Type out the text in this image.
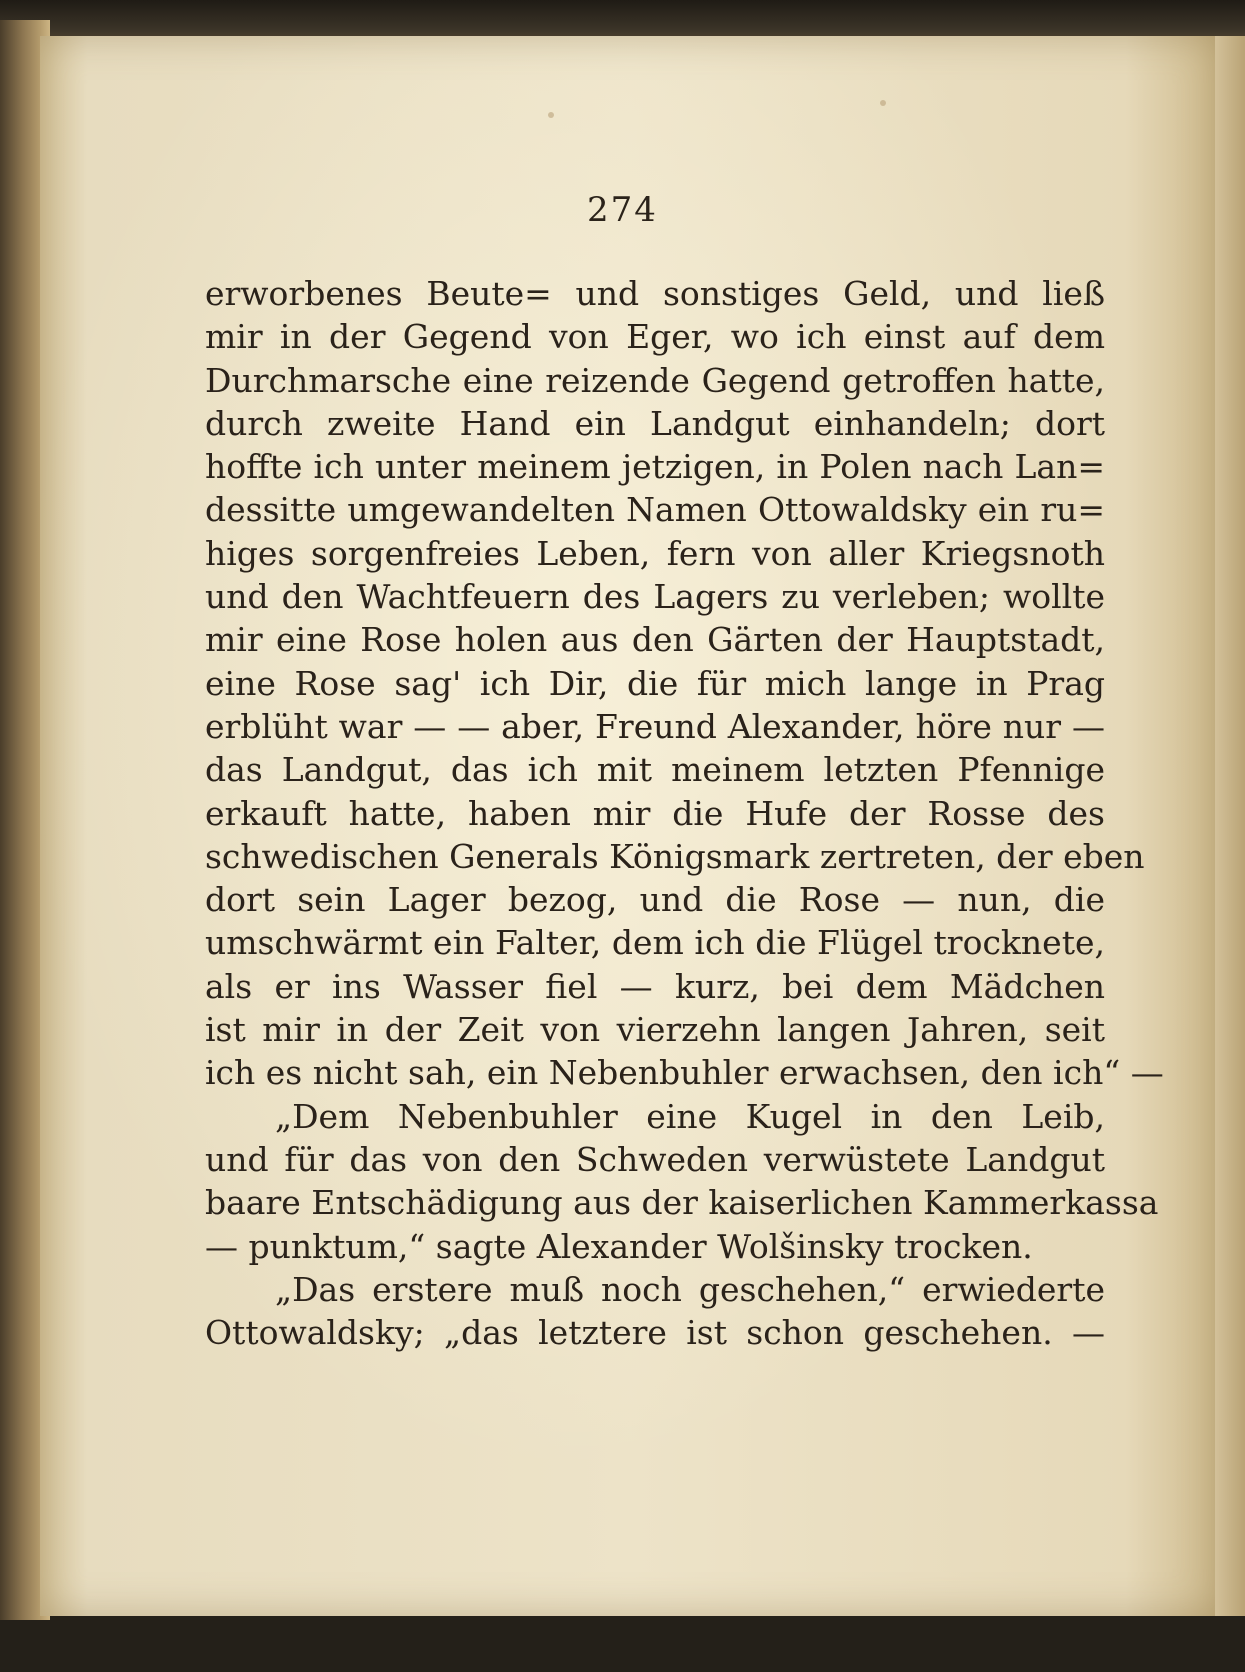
274
erworbenes Beute= und sonstiges Geld, und ließ
mir in der Gegend von Eger, wo ich einst auf dem
Durchmarsche eine reizende Gegend getroffen hatte,
durch zweite Hand ein Landgut einhandeln; dort
hoffte ich unter meinem jetzigen, in Polen nach Lan=
dessitte umgewandelten Namen Ottowaldsky ein ru=
higes sorgenfreies Leben, fern von aller Kriegsnoth
und den Wachtfeuern des Lagers zu verleben; wollte
mir eine Rose holen aus den Gärten der Hauptstadt,
eine Rose sag' ich Dir, die für mich lange in Prag
erblüht war — — aber, Freund Alexander, höre nur —
das Landgut, das ich mit meinem letzten Pfennige
erkauft hatte, haben mir die Hufe der Rosse des
schwedischen Generals Königsmark zertreten, der eben
dort sein Lager bezog, und die Rose — nun, die
umschwärmt ein Falter, dem ich die Flügel trocknete,
als er ins Wasser fiel — kurz, bei dem Mädchen
ist mir in der Zeit von vierzehn langen Jahren, seit
ich es nicht sah, ein Nebenbuhler erwachsen, den ich“ —
„Dem Nebenbuhler eine Kugel in den Leib,
und für das von den Schweden verwüstete Landgut
baare Entschädigung aus der kaiserlichen Kammerkassa
— punktum,“ sagte Alexander Wolšinsky trocken.
„Das erstere muß noch geschehen,“ erwiederte
Ottowaldsky; „das letztere ist schon geschehen. —
